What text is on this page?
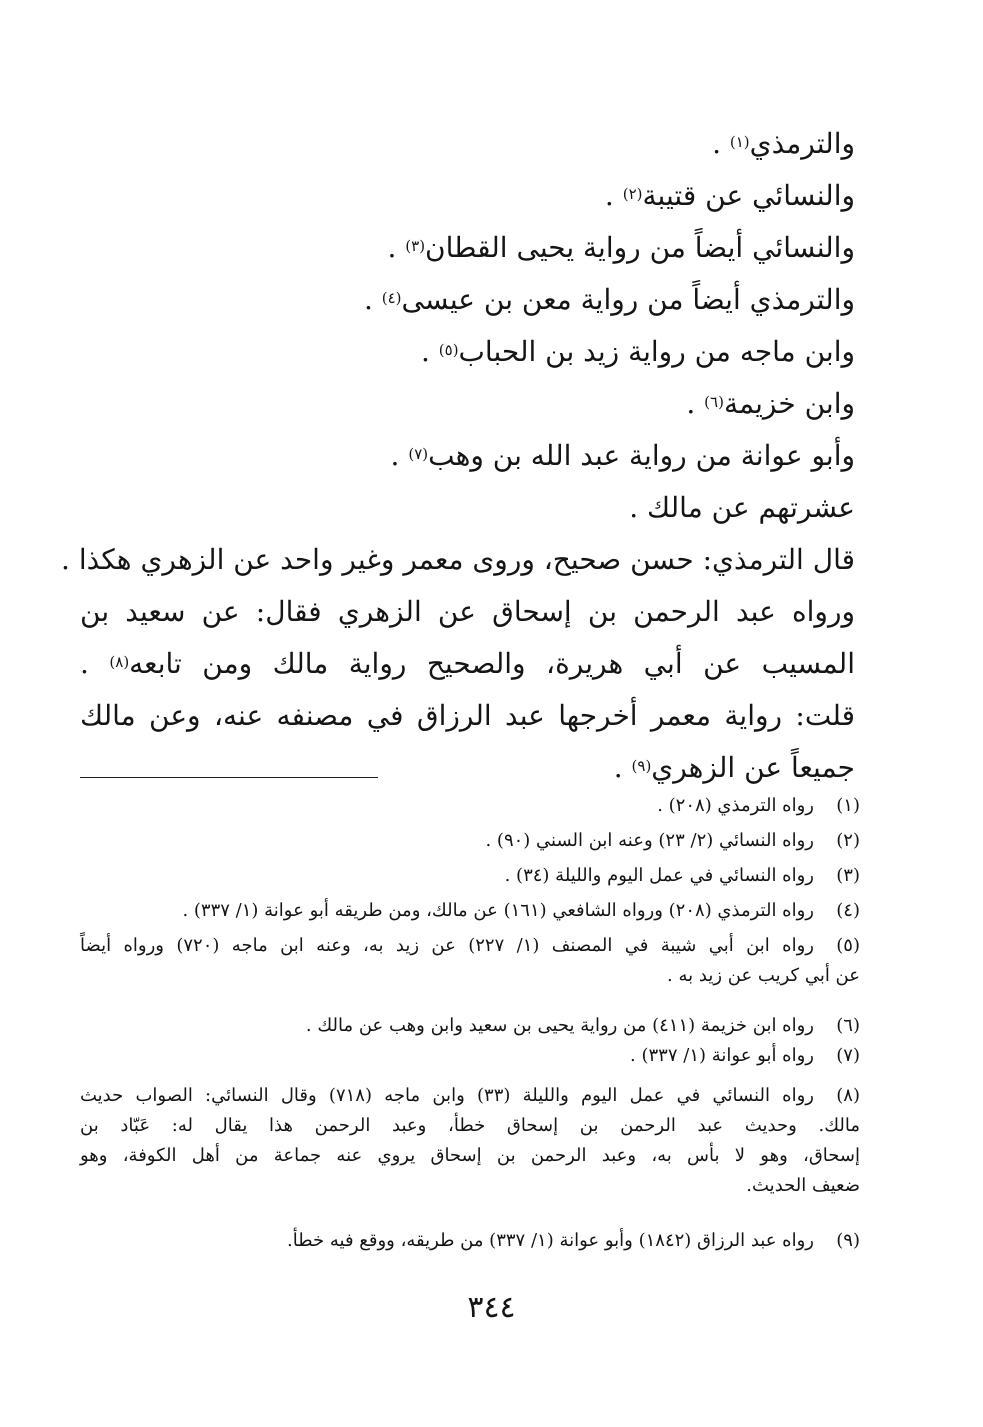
والترمذي$^{(١)}$ .
والنسائي عن قتيبة$^{(٢)}$ .
والنسائي أيضاً من رواية يحيى القطان$^{(٣)}$ .
والترمذي أيضاً من رواية معن بن عيسى$^{(٤)}$ .
وابن ماجه من رواية زيد بن الحباب$^{(٥)}$ .
وابن خزيمة$^{(٦)}$ .
وأبو عوانة من رواية عبد الله بن وهب$^{(٧)}$ .
عشرتهم عن مالك .
قال الترمذي: حسن صحيح، وروى معمر وغير واحد عن الزهري هكذا .
ورواه عبد الرحمن بن إسحاق عن الزهري فقال: عن سعيد بن
المسيب عن أبي هريرة، والصحيح رواية مالك ومن تابعه$^{(٨)}$ .
قلت: رواية معمر أخرجها عبد الرزاق في مصنفه عنه، وعن مالك
جميعاً عن الزهري$^{(٩)}$ .
(١)
رواه الترمذي (٢٠٨) .
(٢)
رواه النسائي (٢/ ٢٣) وعنه ابن السني (٩٠) .
(٣)
رواه النسائي في عمل اليوم والليلة (٣٤) .
(٤)
رواه الترمذي (٢٠٨) ورواه الشافعي (١٦١) عن مالك، ومن طريقه أبو عوانة (١/ ٣٣٧) .
(٥)
رواه ابن أبي شيبة في المصنف (١/ ٢٢٧) عن زيد به، وعنه ابن ماجه (٧٢٠) ورواه أيضاً
عن أبي كريب عن زيد به .
(٦)
رواه ابن خزيمة (٤١١) من رواية يحيى بن سعيد وابن وهب عن مالك .
(٧)
رواه أبو عوانة (١/ ٣٣٧) .
(٨)
رواه النسائي في عمل اليوم والليلة (٣٣) وابن ماجه (٧١٨) وقال النسائي: الصواب حديث
مالك. وحديث عبد الرحمن بن إسحاق خطأ، وعبد الرحمن هذا يقال له: عَبّاد بن
إسحاق، وهو لا بأس به، وعبد الرحمن بن إسحاق يروي عنه جماعة من أهل الكوفة، وهو
ضعيف الحديث.
(٩)
رواه عبد الرزاق (١٨٤٢) وأبو عوانة (١/ ٣٣٧) من طريقه، ووقع فيه خطأ.
٣٤٤
